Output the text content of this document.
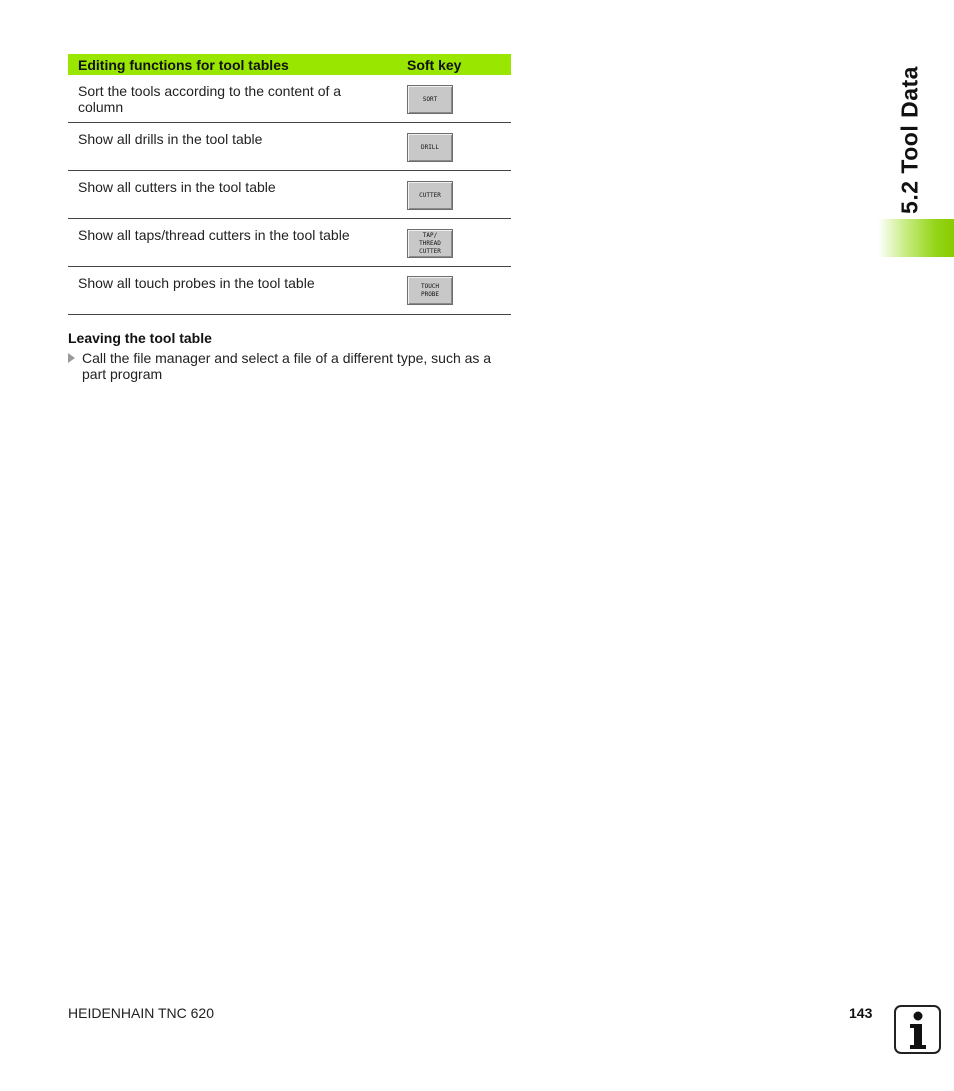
Editing functions for tool tables	Soft key
Sort the tools according to the content of a column	SORT
Show all drills in the tool table	DRILL
Show all cutters in the tool table	CUTTER
Show all taps/thread cutters in the tool table	TAP/
THREAD
CUTTER
Show all touch probes in the tool table	TOUCH
PROBE
Leaving the tool table
Call the file manager and select a file of a different type, such as a part program
5.2 Tool Data
HEIDENHAIN TNC 620	143
